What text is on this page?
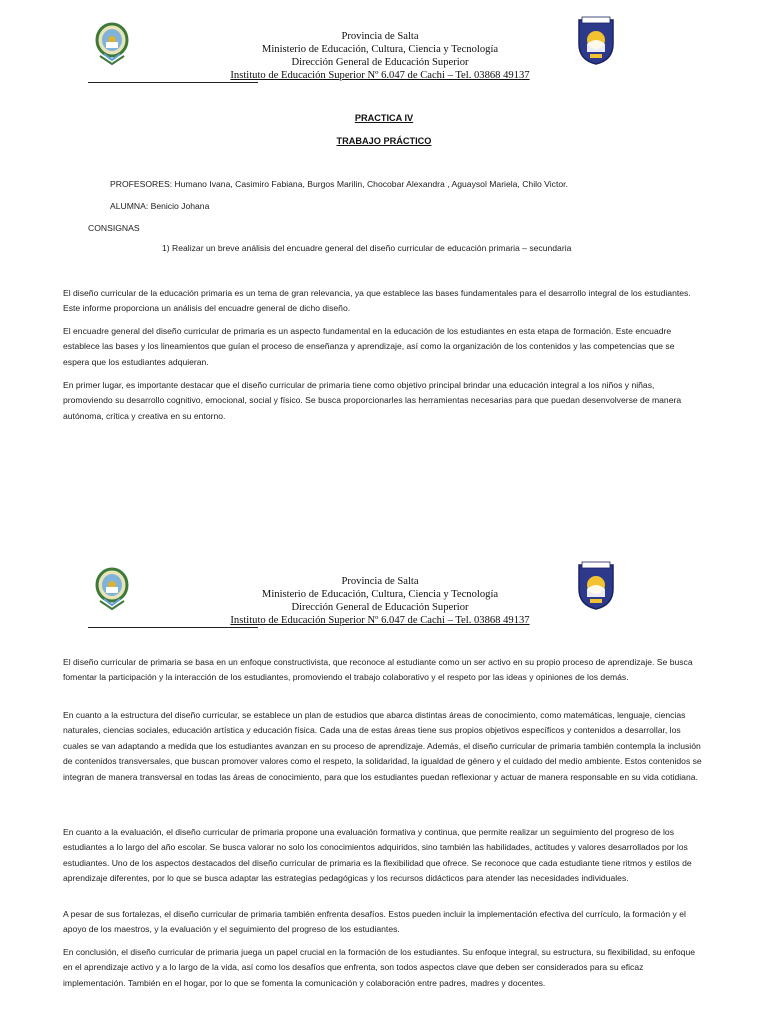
Provincia de Salta
Ministerio de Educación, Cultura, Ciencia y Tecnología
Dirección General de Educación Superior
Instituto de Educación Superior Nº 6.047 de Cachi – Tel. 03868 49137
PRACTICA IV
TRABAJO PRÁCTICO
PROFESORES: Humano Ivana, Casimiro Fabiana, Burgos Marilin, Chocobar Alexandra , Aguaysol Mariela, Chilo Victor.
ALUMNA: Benicio Johana
CONSIGNAS
1) Realizar un breve análisis del encuadre general del diseño curricular de educación primaria – secundaria

El diseño curricular de la educación primaria es un tema de gran relevancia, ya que establece las bases fundamentales para el desarrollo integral de los estudiantes. Este informe proporciona un análisis del encuadre general de dicho diseño.

El encuadre general del diseño curricular de primaria es un aspecto fundamental en la educación de los estudiantes en esta etapa de formación. Este encuadre establece las bases y los lineamientos que guían el proceso de enseñanza y aprendizaje, así como la organización de los contenidos y las competencias que se espera que los estudiantes adquieran.

En primer lugar, es importante destacar que el diseño curricular de primaria tiene como objetivo principal brindar una educación integral a los niños y niñas, promoviendo su desarrollo cognitivo, emocional, social y físico. Se busca proporcionarles las herramientas necesarias para que puedan desenvolverse de manera autónoma, crítica y creativa en su entorno.

Provincia de Salta
Ministerio de Educación, Cultura, Ciencia y Tecnología
Dirección General de Educación Superior
Instituto de Educación Superior Nº 6.047 de Cachi – Tel. 03868 49137

El diseño curricular de primaria se basa en un enfoque constructivista, que reconoce al estudiante como un ser activo en su propio proceso de aprendizaje. Se busca fomentar la participación y la interacción de los estudiantes, promoviendo el trabajo colaborativo y el respeto por las ideas y opiniones de los demás.

En cuanto a la estructura del diseño curricular, se establece un plan de estudios que abarca distintas áreas de conocimiento, como matemáticas, lenguaje, ciencias naturales, ciencias sociales, educación artística y educación física. Cada una de estas áreas tiene sus propios objetivos específicos y contenidos a desarrollar, los cuales se van adaptando a medida que los estudiantes avanzan en su proceso de aprendizaje. Además, el diseño curricular de primaria también contempla la inclusión de contenidos transversales, que buscan promover valores como el respeto, la solidaridad, la igualdad de género y el cuidado del medio ambiente. Estos contenidos se integran de manera transversal en todas las áreas de conocimiento, para que los estudiantes puedan reflexionar y actuar de manera responsable en su vida cotidiana.

En cuanto a la evaluación, el diseño curricular de primaria propone una evaluación formativa y continua, que permite realizar un seguimiento del progreso de los estudiantes a lo largo del año escolar. Se busca valorar no solo los conocimientos adquiridos, sino también las habilidades, actitudes y valores desarrollados por los estudiantes. Uno de los aspectos destacados del diseño curricular de primaria es la flexibilidad que ofrece. Se reconoce que cada estudiante tiene ritmos y estilos de aprendizaje diferentes, por lo que se busca adaptar las estrategias pedagógicas y los recursos didácticos para atender las necesidades individuales.

A pesar de sus fortalezas, el diseño curricular de primaria también enfrenta desafíos. Estos pueden incluir la implementación efectiva del currículo, la formación y el apoyo de los maestros, y la evaluación y el seguimiento del progreso de los estudiantes.

En conclusión, el diseño curricular de primaria juega un papel crucial en la formación de los estudiantes. Su enfoque integral, su estructura, su flexibilidad, su enfoque en el aprendizaje activo y a lo largo de la vida, así como los desafíos que enfrenta, son todos aspectos clave que deben ser considerados para su eficaz implementación. También en el hogar, por lo que se fomenta la comunicación y colaboración entre padres, madres y docentes.
